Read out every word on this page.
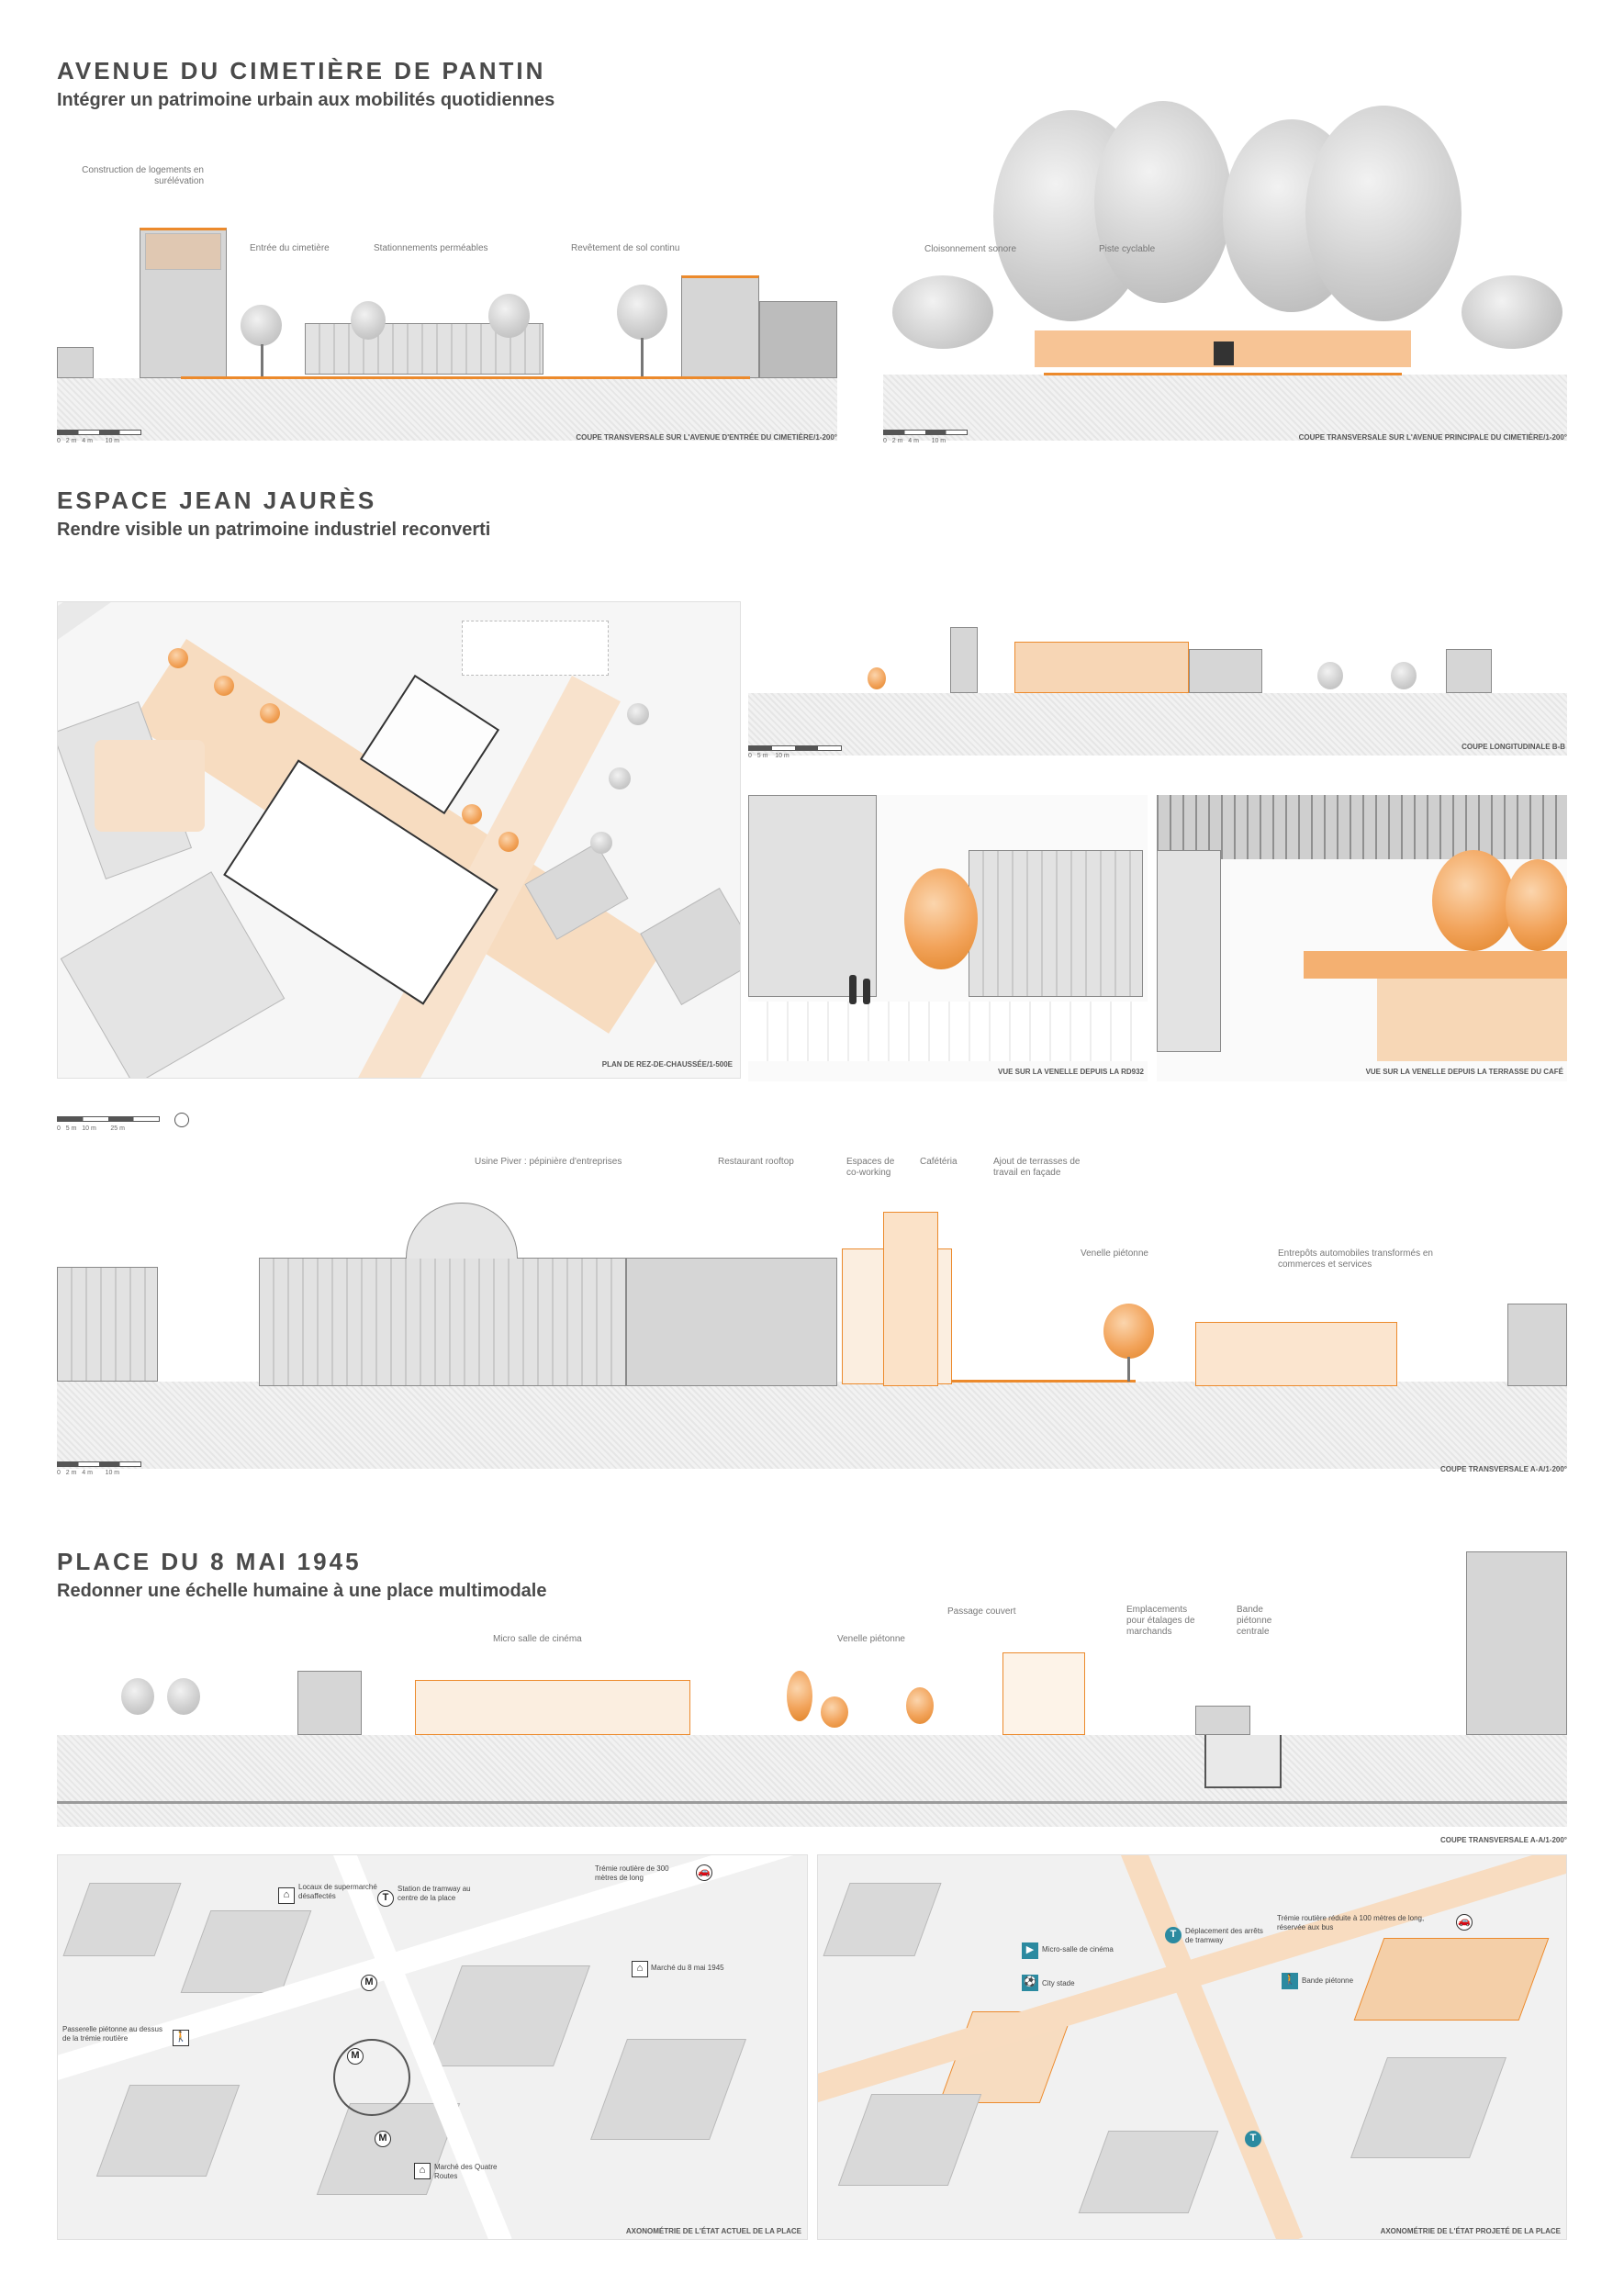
AVENUE DU CIMETIÈRE DE PANTIN
Intégrer un patrimoine urbain aux mobilités quotidiennes
Construction de logements en surélévation
Entrée du cimetière	Stationnements perméables	Revêtement de sol continu
0 2 m 4 m 10 m	COUPE TRANSVERSALE SUR L'AVENUE D'ENTRÉE DU CIMETIÈRE/1-200°
Cloisonnement sonore	Piste cyclable
0 2 m 4 m 10 m	COUPE TRANSVERSALE SUR L'AVENUE PRINCIPALE DU CIMETIÈRE/1-200°
ESPACE JEAN JAURÈS
Rendre visible un patrimoine industriel reconverti
PLAN DE REZ-DE-CHAUSSÉE/1-500E
0 5 m 10 m 25 m
COUPE LONGITUDINALE B-B
0 5 m 10 m
VUE SUR LA VENELLE DEPUIS LA RD932	VUE SUR LA VENELLE DEPUIS LA TERRASSE DU CAFÉ
Usine Piver : pépinière d'entreprises	Restaurant rooftop	Espaces de co-working
Cafétéria	Ajout de terrasses de travail en façade
Venelle piétonne	Entrepôts automobiles transformés en commerces et services
0 2 m 4 m 10 m	COUPE TRANSVERSALE A-A/1-200°
PLACE DU 8 MAI 1945
Redonner une échelle humaine à une place multimodale
Micro salle de cinéma	Venelle piétonne
Passage couvert	Emplacements pour étalages de marchands
Bande piétonne centrale
COUPE TRANSVERSALE A-A/1-200°
⌂
Locaux de supermarché désaffectés	T
Station de tramway au centre de la place
🚗
Trémie routière de 300 mètres de long
⌂	Marché du 8 mai 1945
🚶
Passerelle piétonne au dessus de la trémie routière
M
M
M
⌂	Marché des Quatre Routes
AXONOMÉTRIE DE L'ÉTAT ACTUEL DE LA PLACE
▶	Micro-salle de cinéma
T	Déplacement des arrêts de tramway
🚗
Trémie routière réduite à 100 mètres de long, réservée aux bus
🚶 Bande piétonne
⚽ City stade
T
AXONOMÉTRIE DE L'ÉTAT PROJETÉ DE LA PLACE
